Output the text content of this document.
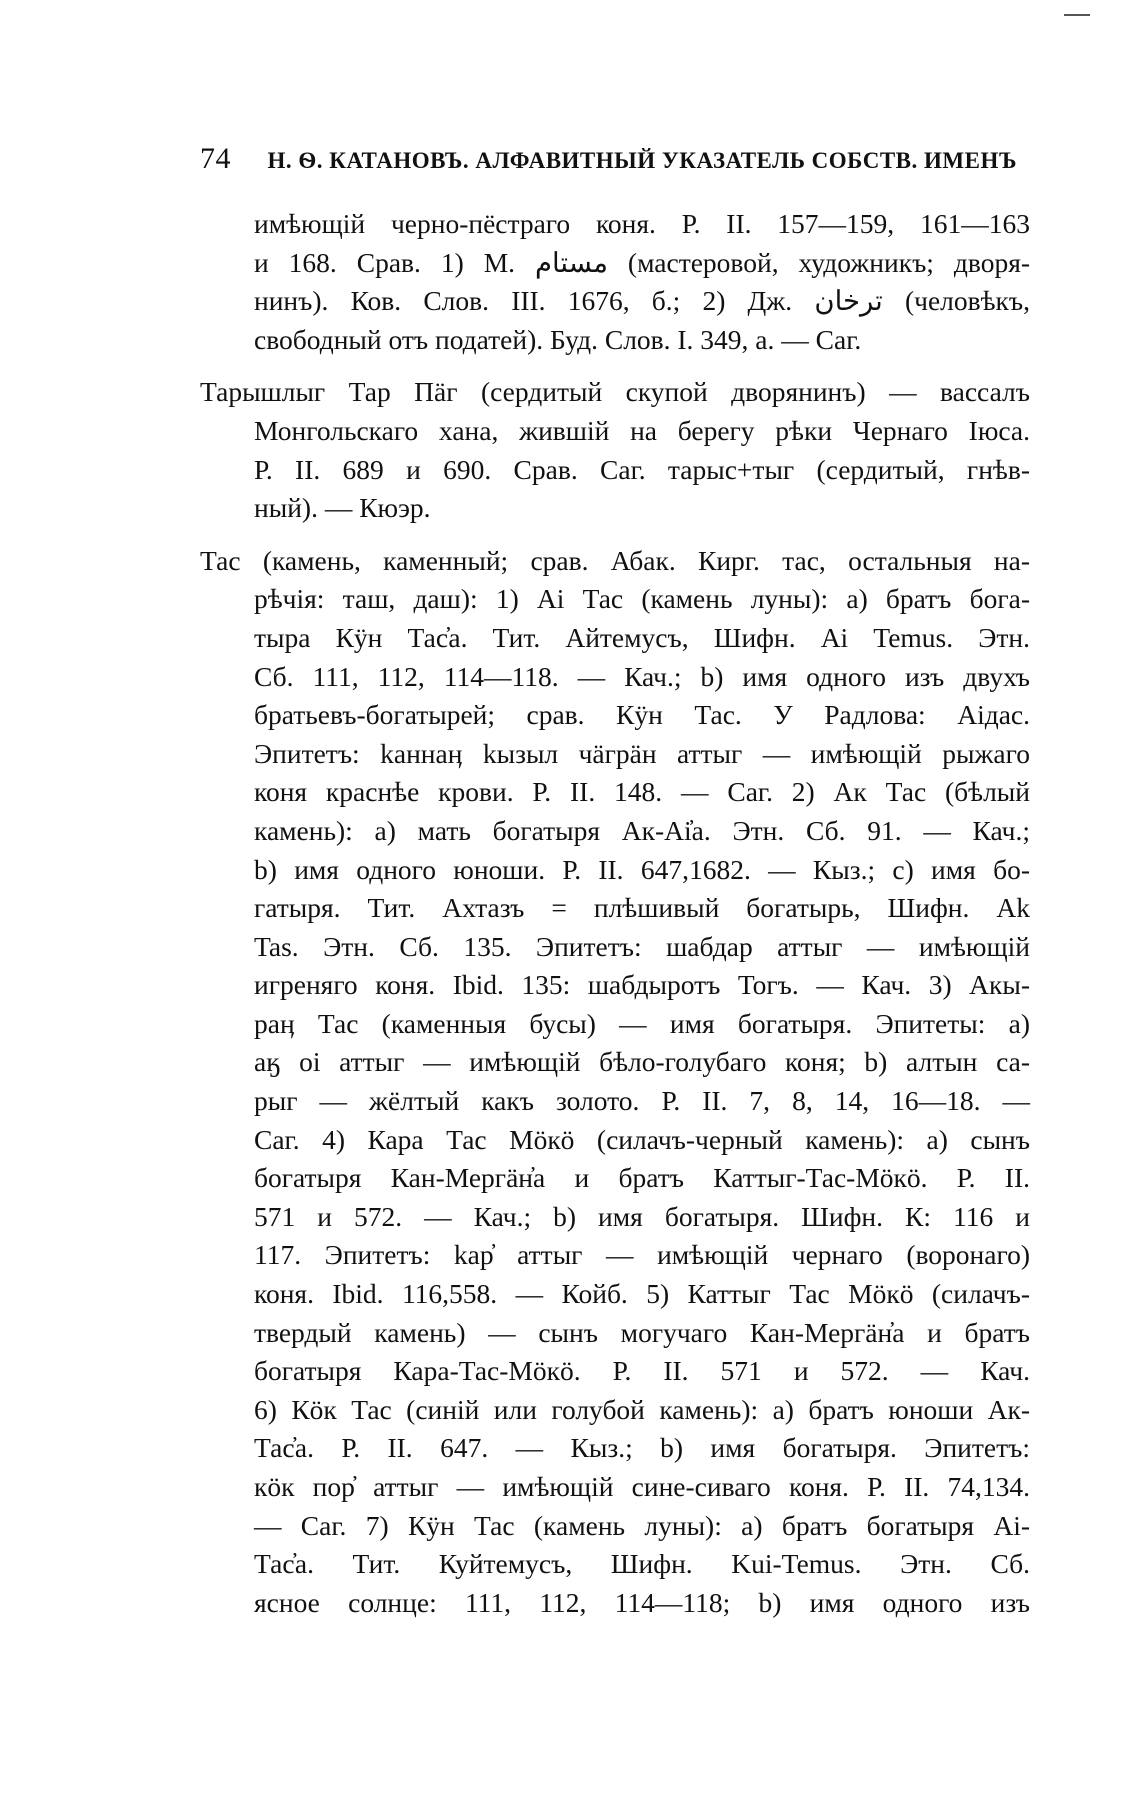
74 Н. Ѳ. КАТАНОВЪ. АЛФАВИТНЫЙ УКАЗАТЕЛЬ СОБСТВ. ИМЕНЪ
имѣющій черно-пёстраго коня. Р. II. 157—159, 161—163
и 168. Срав. 1) М. ﻣﺴﺘﺎﻡ (мастеровой, художникъ; дворя-
нинъ). Ков. Слов. III. 1676, б.; 2) Дж. ﺗﺮﺧﺎﻥ (человѣкъ,
свободный отъ податей). Буд. Слов. I. 349, а. — Саг.
Тарышлыг Тар Пäг (сердитый скупой дворянинъ) — вассалъ
Монгольскаго хана, жившій на берегу рѣки Чернаго Іюса.
Р. II. 689 и 690. Срав. Саг. тарыс+тыг (сердитый, гнѣв-
ный). — Кюэр.
Тас (камень, каменный; срав. Абак. Кирг. тас, остальныя на-
рѣчія: таш, даш): 1) Аі Тас (камень луны): а) братъ бога-
тыра Кӱн Тас̓а. Тит. Айтемусъ, Шифн. Аі Temus. Этн.
Сб. 111, 112, 114—118. — Кач.; b) имя одного изъ двухъ
братьевъ-богатырей; срав. Кӱн Тас. У Радлова: Аідас.
Эпитетъ: kаннаӊ kызыл чäгрäн аттыг — имѣющій рыжаго
коня краснѣе крови. Р. II. 148. — Саг. 2) Ак Тас (бѣлый
камень): а) мать богатыря Ак-Аі̓а. Этн. Сб. 91. — Кач.;
b) имя одного юноши. Р. II. 647,1682. — Кыз.; с) имя бо-
гатыря. Тит. Ахтазъ = плѣшивый богатырь, Шифн. Ak
Tas. Этн. Сб. 135. Эпитетъ: шабдар аттыг — имѣющій
игреняго коня. Ibid. 135: шабдыротъ Тогъ. — Кач. 3) Акы-
раӊ Тас (каменныя бусы) — имя богатыря. Эпитеты: а)
аӄ оі аттыг — имѣющій бѣло-голубаго коня; b) алтын са-
рыг — жёлтый какъ золото. Р. II. 7, 8, 14, 16—18. —
Саг. 4) Кара Тас Мӧкӧ (силачъ-черный камень): а) сынъ
богатыря Кан-Мергäн̓а и братъ Каттыг-Тас-Мӧкӧ. Р. II.
571 и 572. — Кач.; b) имя богатыря. Шифн. К: 116 и
117. Эпитетъ: kар̓ аттыг — имѣющій чернаго (воронаго)
коня. Ibid. 116,558. — Койб. 5) Каттыг Тас Мӧкӧ (силачъ-
твердый камень) — сынъ могучаго Кан-Мергäн̓а и братъ
богатыря Кара-Тас-Мӧкӧ. Р. II. 571 и 572. — Кач.
6) Кӧк Тас (синій или голубой камень): а) братъ юноши Ак-
Тас̓а. Р. II. 647. — Кыз.; b) имя богатыря. Эпитетъ:
кӧк пор̓ аттыг — имѣющій сине-сиваго коня. Р. II. 74,134.
— Саг. 7) Кӱн Тас (камень луны): а) братъ богатыря Аі-
Тас̓а. Тит. Куйтемусъ, Шифн. Kui-Temus. Этн. Сб.
ясное солнце: 111, 112, 114—118; b) имя одного изъ
